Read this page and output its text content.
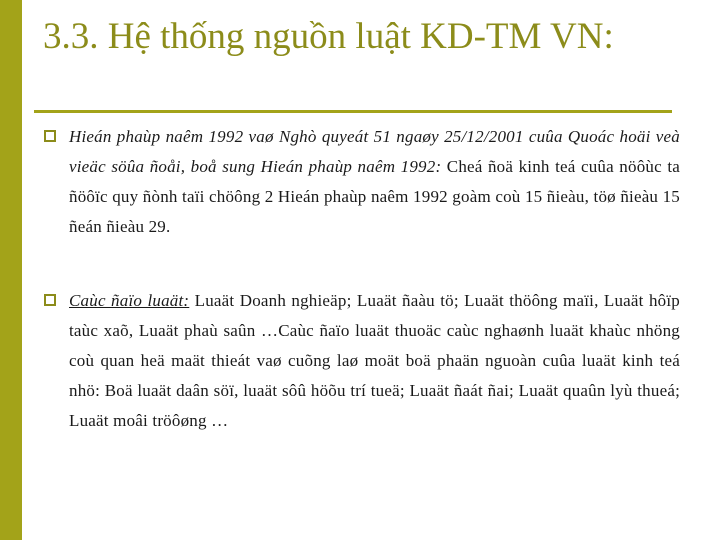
3.3. Hệ thống nguồn luật KD-TM VN:
Hieán phaùp naêm 1992 vaø Nghò quyeát 51 ngaøy 25/12/2001 cuûa Quoác hoäi veà vieäc söûa ñoåi, boå sung Hieán phaùp naêm 1992: Cheá ñoä kinh teá cuûa nöôùc ta ñöôïc quy ñònh taïi chöông 2 Hieán phaùp naêm 1992 goàm coù 15 ñieàu, töø ñieàu 15 ñeán ñieàu 29.
Caùc ñaïo luaät: Luaät Doanh nghieäp; Luaät ñaàu tö; Luaät thöông maïi, Luaät hôïp taùc xaõ, Luaät phaù saûn …Caùc ñaïo luaät thuoäc caùc nghaønh luaät khaùc nhöng coù quan heä maät thieát vaø cuõng laø moät boä phaän nguoàn cuûa luaät kinh teá nhö: Boä luaät daân söï, luaät sôû höõu trí tueä; Luaät ñaát ñai; Luaät quaûn lyù thueá; Luaät moâi tröôøng …
